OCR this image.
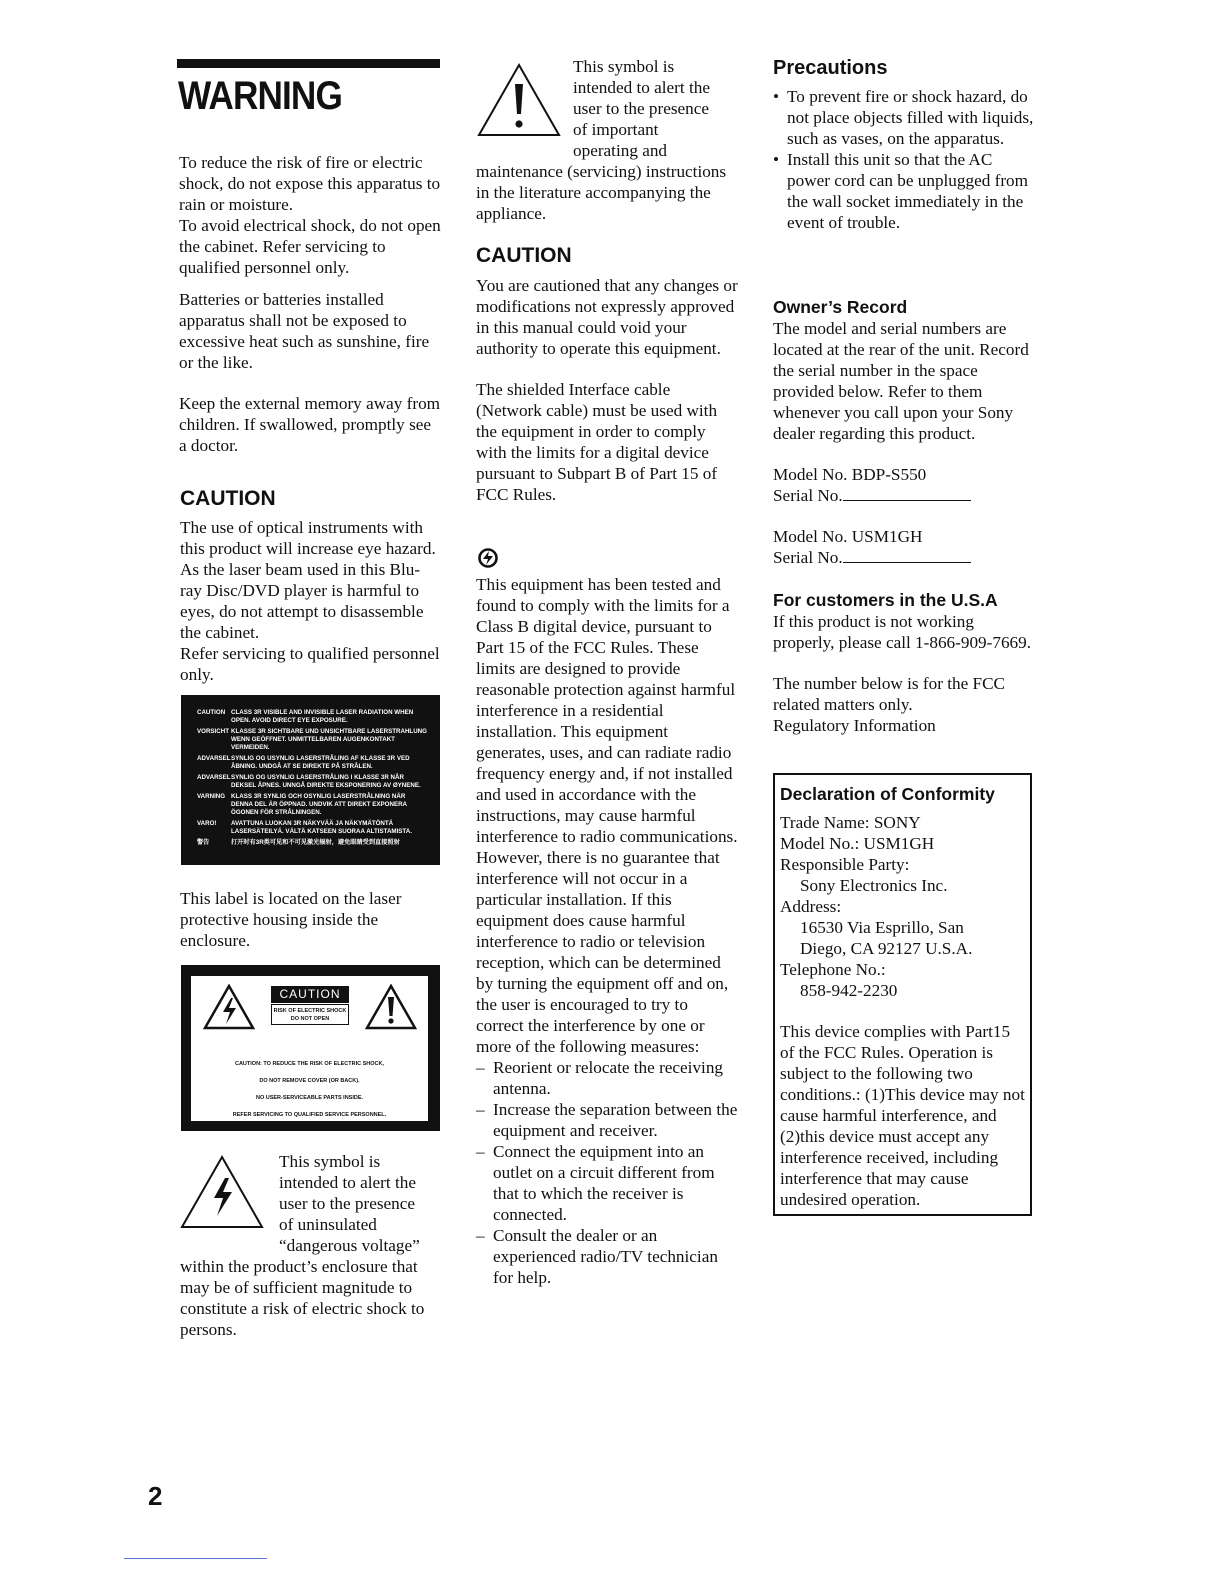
WARNING

To reduce the risk of fire or electric shock, do not expose this apparatus to rain or moisture.

To avoid electrical shock, do not open the cabinet. Refer servicing to qualified personnel only.

Batteries or batteries installed apparatus shall not be exposed to excessive heat such as sunshine, fire or the like.

Keep the external memory away from children. If swallowed, promptly see a doctor.

CAUTION

The use of optical instruments with this product will increase eye hazard. As the laser beam used in this Blu-ray Disc/DVD player is harmful to eyes, do not attempt to disassemble the cabinet.

Refer servicing to qualified personnel only.

CAUTION CLASS 3R VISIBLE AND INVISIBLE LASER RADIATION WHEN OPEN. AVOID DIRECT EYE EXPOSURE.
VORSICHT KLASSE 3R SICHTBARE UND UNSICHTBARE LASERSTRAHLUNG WENN GEÖFFNET. UNMITTELBAREN AUGENKONTAKT VERMEIDEN.
ADVARSEL SYNLIG OG USYNLIG LASERSTRÅLING AF KLASSE 3R VED ÅBNING. UNDGÅ AT SE DIREKTE PÅ STRÅLEN.
ADVARSEL SYNLIG OG USYNLIG LASERSTRÅLING I KLASSE 3R NÅR DEKSEL ÅPNES. UNNGÅ DIREKTE EKSPONERING AV ØYNENE.
VARNING KLASS 3R SYNLIG OCH OSYNLIG LASERSTRÅLNING NÄR DENNA DEL ÄR ÖPPNAD. UNDVIK ATT DIREKT EXPONERA ÖGONEN FÖR STRÅLNINGEN.
VARO!	AVATTUNA LUOKAN 3R NÄKYVÄÄ JA NÄKYMÄTÖNTÄ LASERSÄTEILYÄ. VÄLTÄ KATSEEN SUORAA ALTISTAMISTA.
警告	打开时有3R类可见和不可见激光辐射，避免眼睛受到直接照射

This label is located on the laser protective housing inside the enclosure.

CAUTION
RISK OF ELECTRIC SHOCK DO NOT OPEN
CAUTION: TO REDUCE THE RISK OF ELECTRIC SHOCK,
DO NOT REMOVE COVER (OR BACK).
NO USER-SERVICEABLE PARTS INSIDE.
REFER SERVICING TO QUALIFIED SERVICE PERSONNEL.

This symbol is

intended to alert the

user to the presence

of uninsulated

“dangerous voltage”

within the product’s enclosure that may be of sufficient magnitude to constitute a risk of electric shock to persons.

This symbol is

intended to alert the

user to the presence

of important

operating and

maintenance (servicing) instructions in the literature accompanying the appliance.

CAUTION

You are cautioned that any changes or modifications not expressly approved in this manual could void your authority to operate this equipment.

The shielded Interface cable (Network cable) must be used with the equipment in order to comply with the limits for a digital device pursuant to Subpart B of Part 15 of FCC Rules.

This equipment has been tested and found to comply with the limits for a Class B digital device, pursuant to Part 15 of the FCC Rules. These limits are designed to provide reasonable protection against harmful interference in a residential installation. This equipment generates, uses, and can radiate radio frequency energy and, if not installed and used in accordance with the instructions, may cause harmful interference to radio communications. However, there is no guarantee that interference will not occur in a particular installation. If this equipment does cause harmful interference to radio or television reception, which can be determined by turning the equipment off and on, the user is encouraged to try to correct the interference by one or more of the following measures:

– Reorient or relocate the receiving antenna.
– Increase the separation between the equipment and receiver.
– Connect the equipment into an outlet on a circuit different from that to which the receiver is connected.
– Consult the dealer or an experienced radio/TV technician for help.
Precautions
• To prevent fire or shock hazard, do not place objects filled with liquids, such as vases, on the apparatus.
• Install this unit so that the AC power cord can be unplugged from the wall socket immediately in the event of trouble.
Owner’s Record

The model and serial numbers are located at the rear of the unit. Record the serial number in the space provided below. Refer to them whenever you call upon your Sony dealer regarding this product.

Model No. BDP-S550

Serial No.

Model No. USM1GH

Serial No.

For customers in the U.S.A

If this product is not working properly, please call 1-866-909-7669.

The number below is for the FCC related matters only.

Regulatory Information

Declaration of Conformity

Trade Name: SONY

Model No.: USM1GH

Responsible Party:

Sony Electronics Inc.

Address:

16530 Via Esprillo, San

Diego, CA 92127 U.S.A.

Telephone No.:

858-942-2230

This device complies with Part15 of the FCC Rules. Operation is subject to the following two conditions.: (1)This device may not cause harmful interference, and (2)this device must accept any interference received, including interference that may cause undesired operation.

2
